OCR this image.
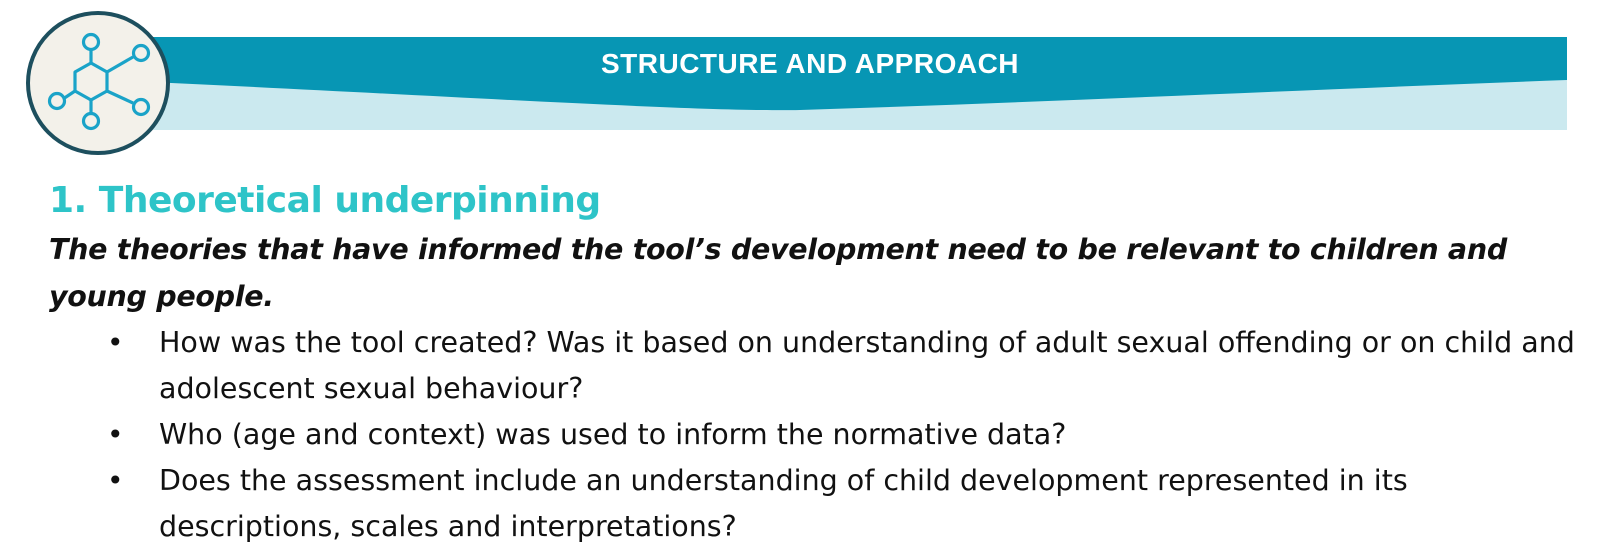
STRUCTURE AND APPROACH
1. Theoretical underpinning

The theories that have informed the tool’s development need to be relevant to children and young people.

• How was the tool created? Was it based on understanding of adult sexual offending or on child and adolescent sexual behaviour?
• Who (age and context) was used to inform the normative data?
• Does the assessment include an understanding of child development represented in its descriptions, scales and interpretations?
